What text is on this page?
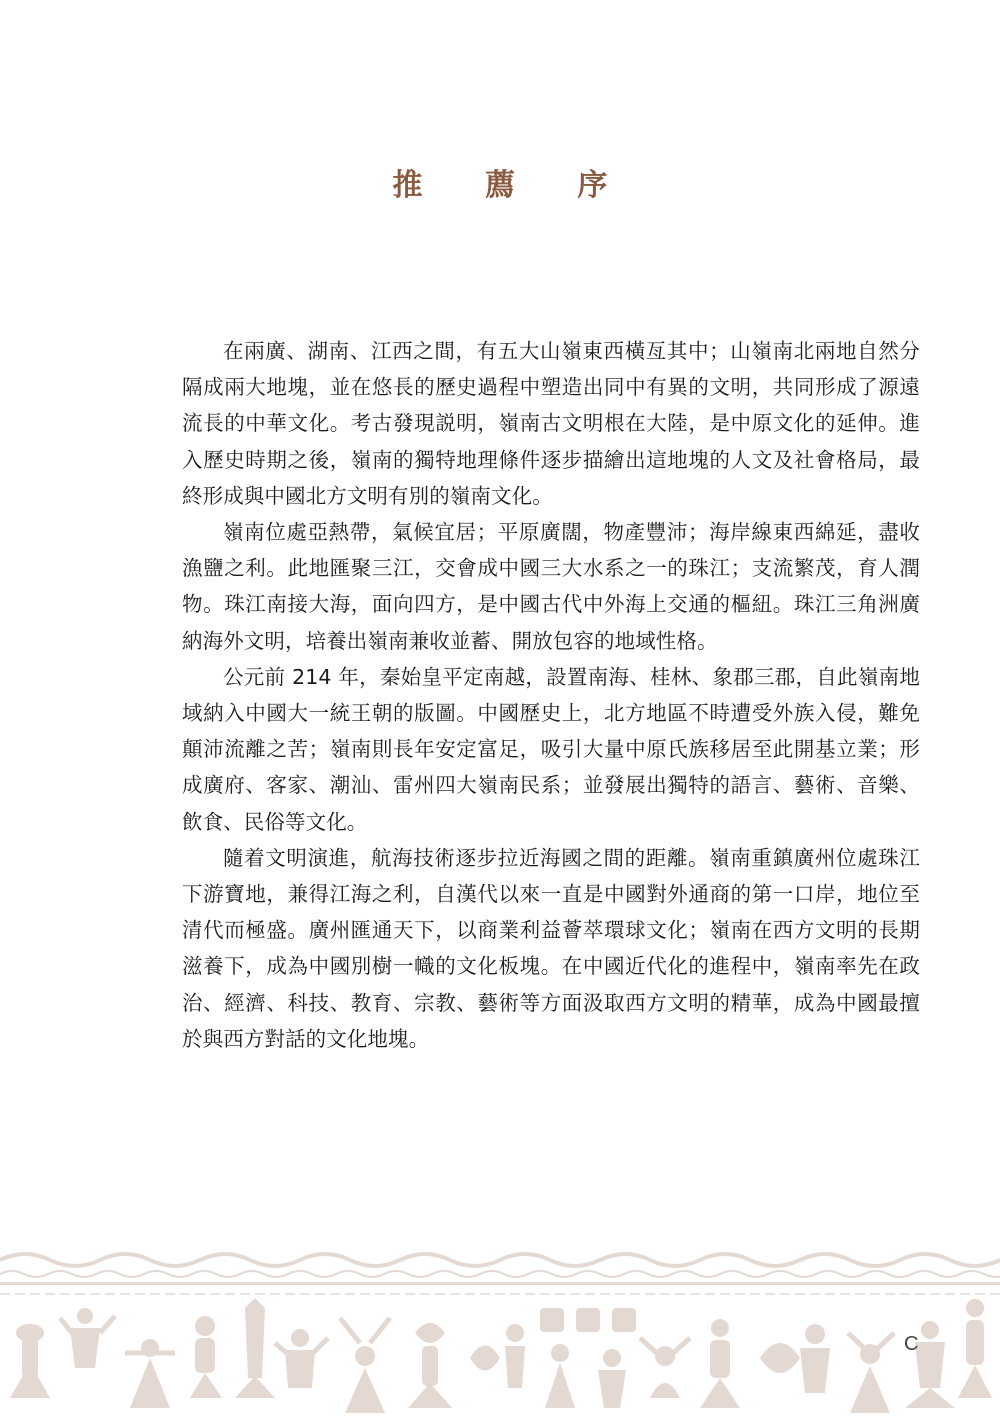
推 薦 序

在兩廣、湖南、江西之間，有五大山嶺東西橫亙其中；山嶺南北兩地自然分隔成兩大地塊，並在悠長的歷史過程中塑造出同中有異的文明，共同形成了源遠流長的中華文化。考古發現説明，嶺南古文明根在大陸，是中原文化的延伸。進入歷史時期之後，嶺南的獨特地理條件逐步描繪出這地塊的人文及社會格局，最終形成與中國北方文明有別的嶺南文化。

嶺南位處亞熱帶，氣候宜居；平原廣闊，物產豐沛；海岸線東西綿延，盡收漁鹽之利。此地匯聚三江，交會成中國三大水系之一的珠江；支流繁茂，育人潤物。珠江南接大海，面向四方，是中國古代中外海上交通的樞紐。珠江三角洲廣納海外文明，培養出嶺南兼收並蓄、開放包容的地域性格。

公元前 214 年，秦始皇平定南越，設置南海、桂林、象郡三郡，自此嶺南地域納入中國大一統王朝的版圖。中國歷史上，北方地區不時遭受外族入侵，難免顛沛流離之苦；嶺南則長年安定富足，吸引大量中原氏族移居至此開基立業；形成廣府、客家、潮汕、雷州四大嶺南民系；並發展出獨特的語言、藝術、音樂、飲食、民俗等文化。

隨着文明演進，航海技術逐步拉近海國之間的距離。嶺南重鎮廣州位處珠江下游寶地，兼得江海之利，自漢代以來一直是中國對外通商的第一口岸，地位至清代而極盛。廣州匯通天下，以商業利益薈萃環球文化；嶺南在西方文明的長期滋養下，成為中國別樹一幟的文化板塊。在中國近代化的進程中，嶺南率先在政治、經濟、科技、教育、宗教、藝術等方面汲取西方文明的精華，成為中國最擅於與西方對話的文化地塊。

C
